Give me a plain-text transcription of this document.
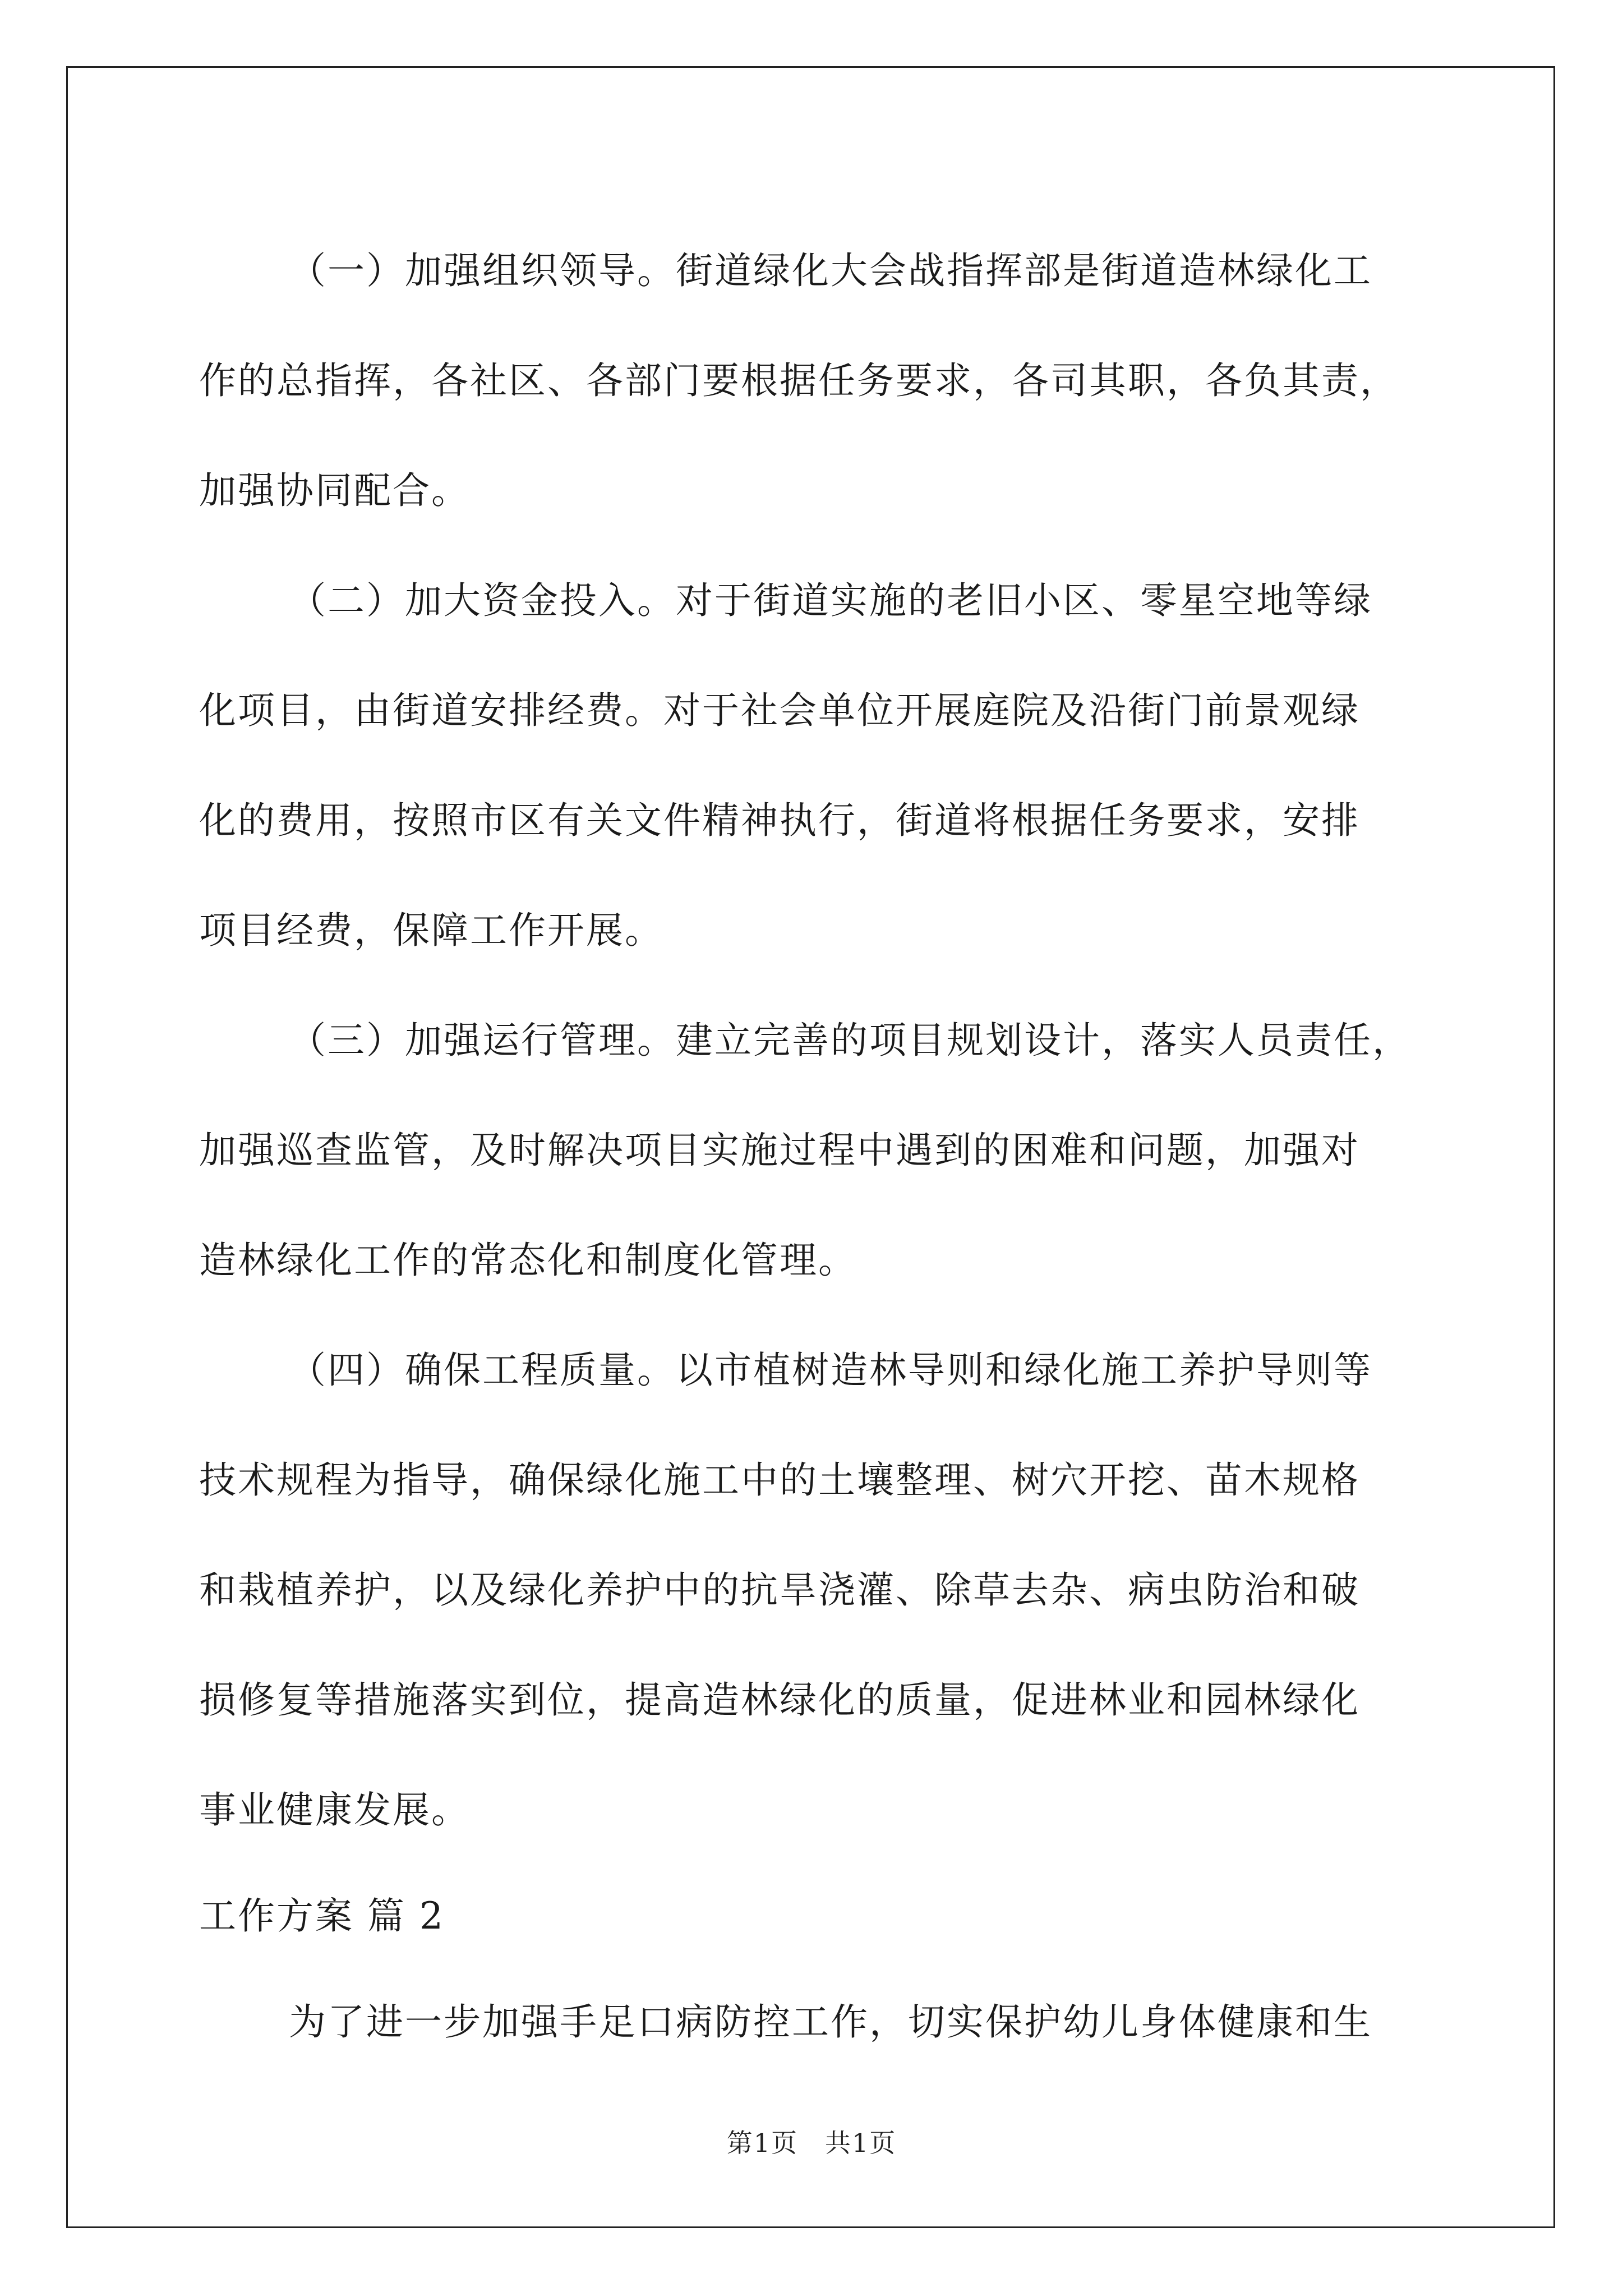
（一）加强组织领导。街道绿化大会战指挥部是街道造林绿化工
作的总指挥，各社区、各部门要根据任务要求，各司其职，各负其责，
加强协同配合。
（二）加大资金投入。对于街道实施的老旧小区、零星空地等绿
化项目，由街道安排经费。对于社会单位开展庭院及沿街门前景观绿
化的费用，按照市区有关文件精神执行，街道将根据任务要求，安排
项目经费，保障工作开展。
（三）加强运行管理。建立完善的项目规划设计，落实人员责任，
加强巡查监管，及时解决项目实施过程中遇到的困难和问题，加强对
造林绿化工作的常态化和制度化管理。
（四）确保工程质量。以市植树造林导则和绿化施工养护导则等
技术规程为指导，确保绿化施工中的土壤整理、树穴开挖、苗木规格
和栽植养护，以及绿化养护中的抗旱浇灌、除草去杂、病虫防治和破
损修复等措施落实到位，提高造林绿化的质量，促进林业和园林绿化
事业健康发展。
工作方案 篇 2
为了进一步加强手足口病防控工作，切实保护幼儿身体健康和生
第1页　共1页
